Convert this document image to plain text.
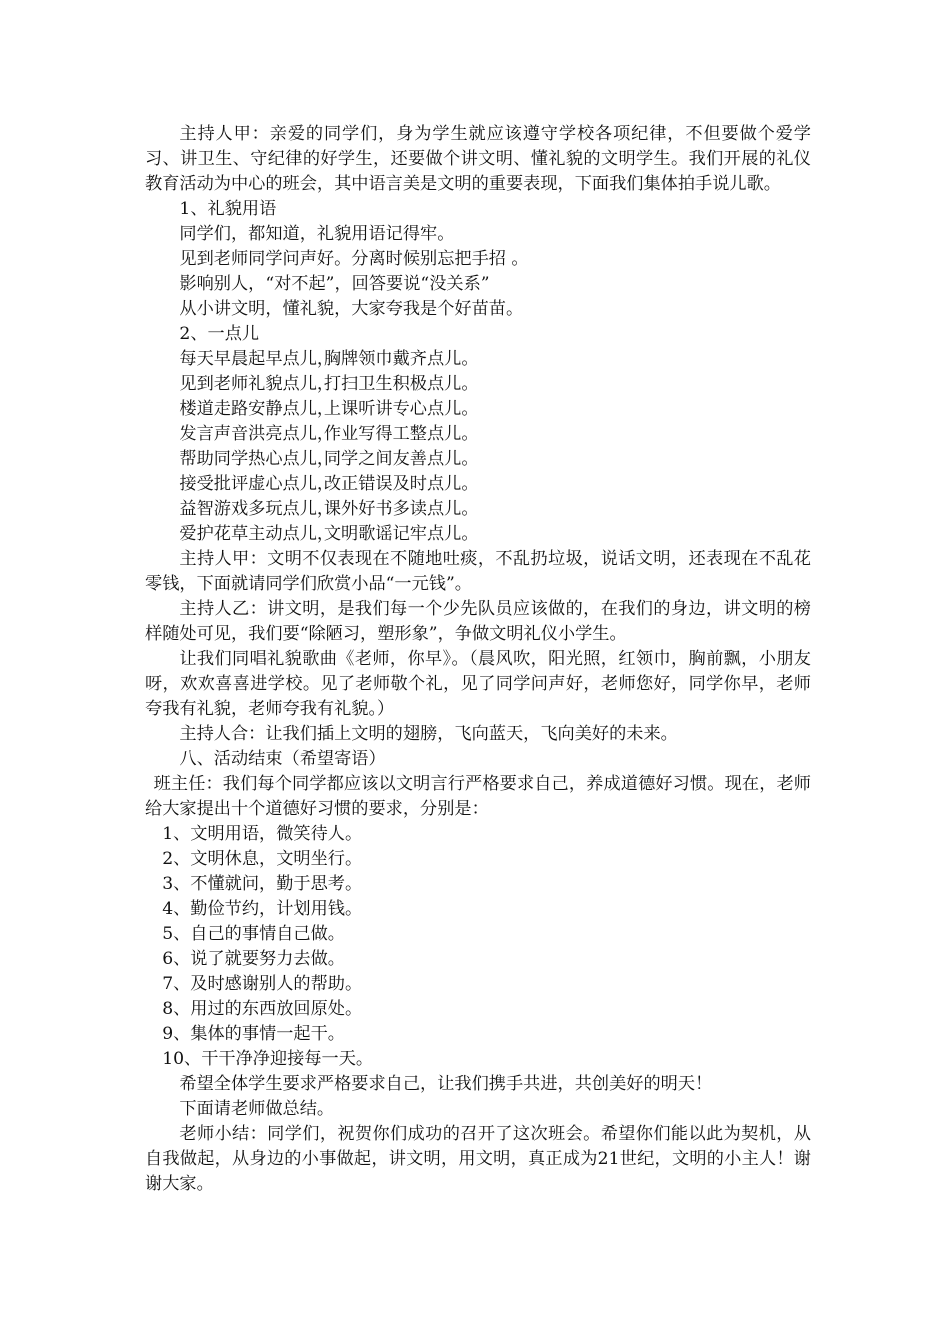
主持人甲：亲爱的同学们，身为学生就应该遵守学校各项纪律，不但要做个爱学习、讲卫生、守纪律的好学生，还要做个讲文明、懂礼貌的文明学生。我们开展的礼仪教育活动为中心的班会，其中语言美是文明的重要表现，下面我们集体拍手说儿歌。

1、礼貌用语

同学们，都知道，礼貌用语记得牢。

见到老师同学问声好。分离时候别忘把手招 。

影响别人，“对不起”，回答要说“没关系”

从小讲文明，懂礼貌，大家夸我是个好苗苗。

2、一点儿

每天早晨起早点儿，胸牌领巾戴齐点儿。
见到老师礼貌点儿，打扫卫生积极点儿。
楼道走路安静点儿，上课听讲专心点儿。
发言声音洪亮点儿，作业写得工整点儿。
帮助同学热心点儿，同学之间友善点儿。
接受批评虚心点儿，改正错误及时点儿。
益智游戏多玩点儿，课外好书多读点儿。
爱护花草主动点儿，文明歌谣记牢点儿。

主持人甲：文明不仅表现在不随地吐痰，不乱扔垃圾，说话文明，还表现在不乱花零钱，下面就请同学们欣赏小品“一元钱”。

主持人乙：讲文明，是我们每一个少先队员应该做的，在我们的身边，讲文明的榜样随处可见，我们要“除陋习，塑形象”，争做文明礼仪小学生。

让我们同唱礼貌歌曲《老师，你早》。（晨风吹，阳光照，红领巾，胸前飘，小朋友呀，欢欢喜喜进学校。见了老师敬个礼，见了同学问声好，老师您好，同学你早，老师夸我有礼貌，老师夸我有礼貌。）

主持人合：让我们插上文明的翅膀，飞向蓝天，飞向美好的未来。

八、活动结束（希望寄语）

班主任：我们每个同学都应该以文明言行严格要求自己，养成道德好习惯。现在，老师给大家提出十个道德好习惯的要求，分别是：

1、文明用语，微笑待人。
2、文明休息，文明坐行。
3、不懂就问，勤于思考。
4、勤俭节约，计划用钱。
5、自己的事情自己做。
6、说了就要努力去做。
7、及时感谢别人的帮助。
8、用过的东西放回原处。
9、集体的事情一起干。
10、干干净净迎接每一天。

希望全体学生要求严格要求自己，让我们携手共进，共创美好的明天！

下面请老师做总结。

老师小结：同学们，祝贺你们成功的召开了这次班会。希望你们能以此为契机，从自我做起，从身边的小事做起，讲文明，用文明，真正成为21世纪，文明的小主人！谢谢大家。
